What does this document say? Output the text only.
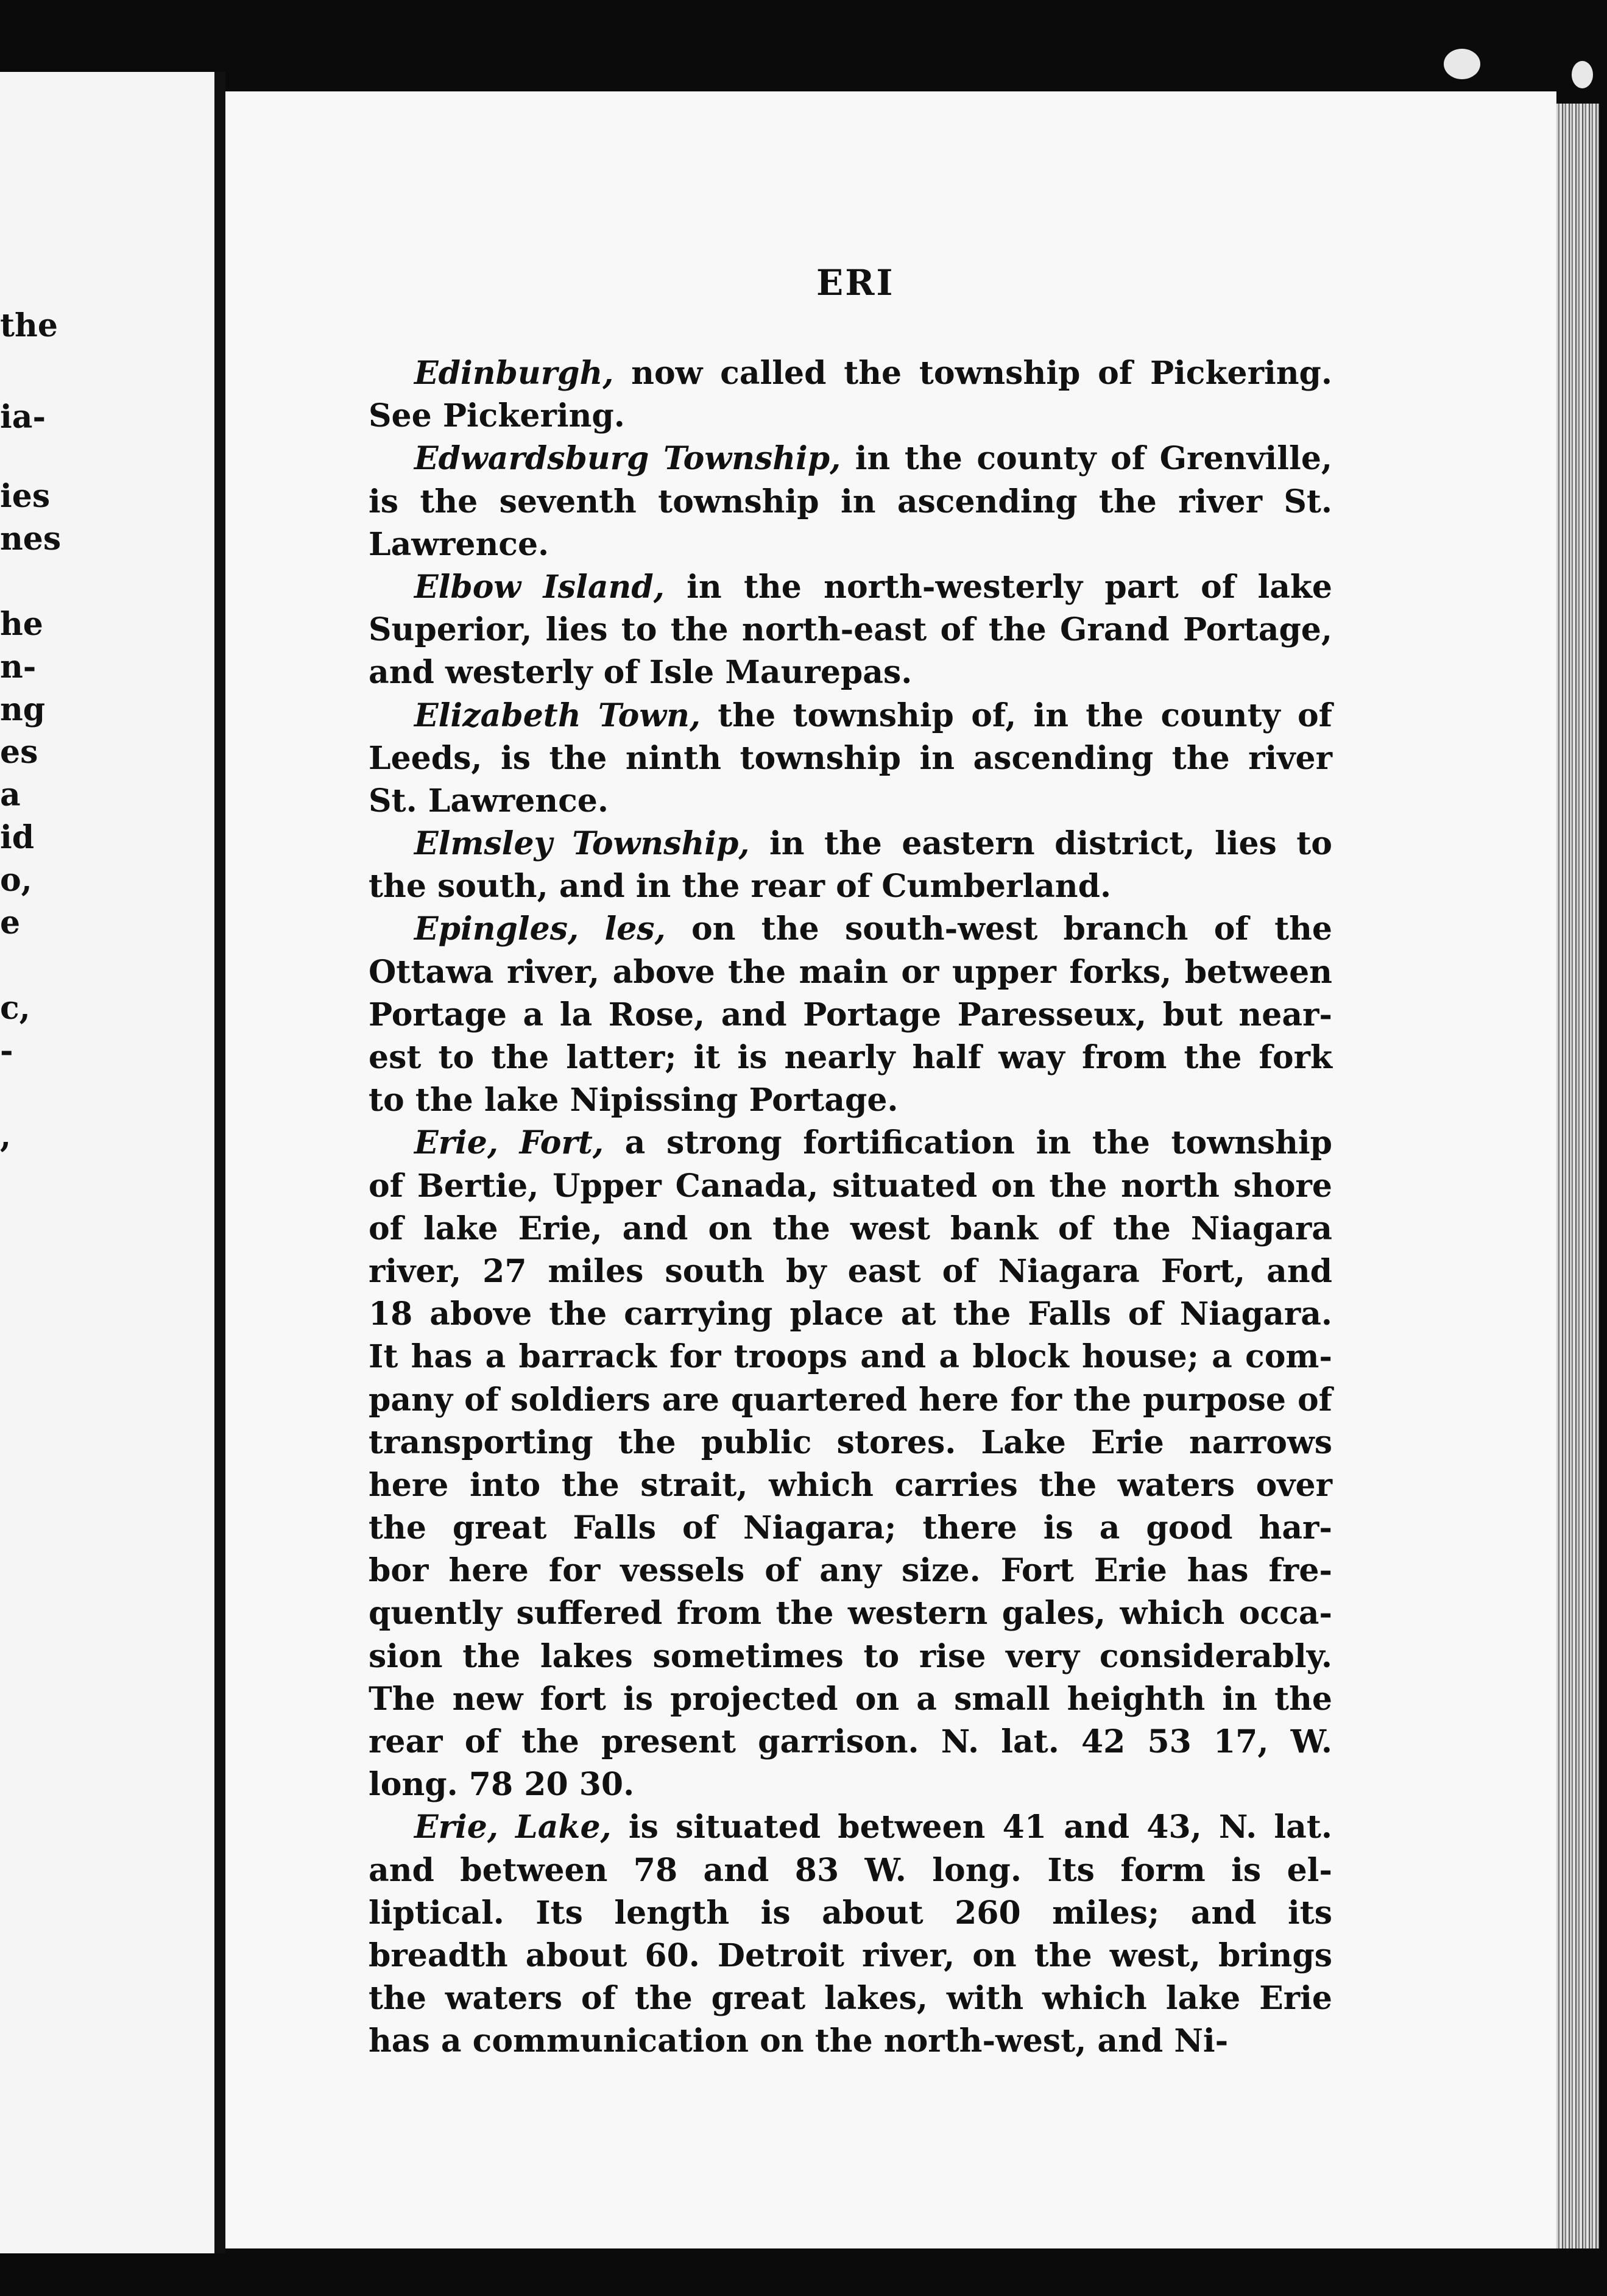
the
ia-
ies
nes
he
n-
ng
es
a
id
o,
e
c,
-
,
ERI
Edinburgh, now called the township of Pickering.
See Pickering.
Edwardsburg Township, in the county of Grenville,
is the seventh township in ascending the river St.
Lawrence.
Elbow Island, in the north-westerly part of lake
Superior, lies to the north-east of the Grand Portage,
and westerly of Isle Maurepas.
Elizabeth Town, the township of, in the county of
Leeds, is the ninth township in ascending the river
St. Lawrence.
Elmsley Township, in the eastern district, lies to
the south, and in the rear of Cumberland.
Epingles, les, on the south-west branch of the
Ottawa river, above the main or upper forks, between
Portage a la Rose, and Portage Paresseux, but near-
est to the latter; it is nearly half way from the fork
to the lake Nipissing Portage.
Erie, Fort, a strong fortification in the township
of Bertie, Upper Canada, situated on the north shore
of lake Erie, and on the west bank of the Niagara
river, 27 miles south by east of Niagara Fort, and
18 above the carrying place at the Falls of Niagara.
It has a barrack for troops and a block house; a com-
pany of soldiers are quartered here for the purpose of
transporting the public stores. Lake Erie narrows
here into the strait, which carries the waters over
the great Falls of Niagara; there is a good har-
bor here for vessels of any size. Fort Erie has fre-
quently suffered from the western gales, which occa-
sion the lakes sometimes to rise very considerably.
The new fort is projected on a small heighth in the
rear of the present garrison. N. lat. 42 53 17, W.
long. 78 20 30.
Erie, Lake, is situated between 41 and 43, N. lat.
and between 78 and 83 W. long. Its form is el-
liptical. Its length is about 260 miles; and its
breadth about 60. Detroit river, on the west, brings
the waters of the great lakes, with which lake Erie
has a communication on the north-west, and Ni-
